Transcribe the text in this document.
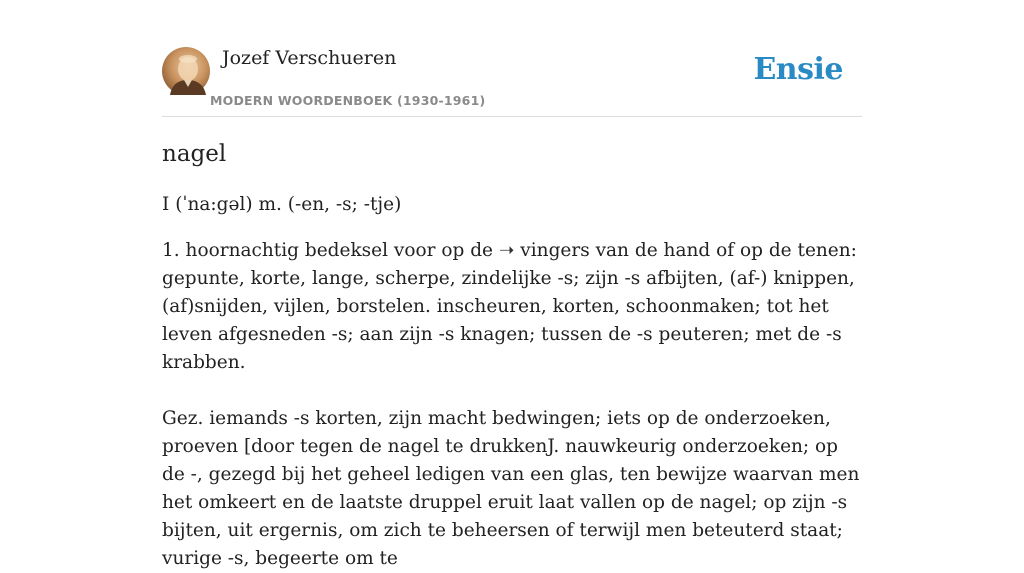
Jozef Verschueren
MODERN WOORDENBOEK (1930-1961)
Ensie
nagel
I (ˈna:gəl) m. (-en, -s; -tje)
1. hoornachtig bedeksel voor op de ➝ vingers van de hand of op de tenen: gepunte, korte, lange, scherpe, zindelijke -s; zijn -s afbijten, (af-) knippen, (af)snijden, vijlen, borstelen. inscheuren, korten, schoonmaken; tot het leven afgesneden -s; aan zijn -s knagen; tussen de -s peuteren; met de -s krabben.
Gez. iemands -s korten, zijn macht bedwingen; iets op de onderzoeken, proeven [door tegen de nagel te drukkenJ. nauwkeurig onderzoeken; op de -, gezegd bij het geheel ledigen van een glas, ten bewijze waarvan men het omkeert en de laatste druppel eruit laat vallen op de nagel; op zijn -s bijten, uit ergernis, om zich te beheersen of terwijl men beteuterd staat; vurige -s, begeerte om te
